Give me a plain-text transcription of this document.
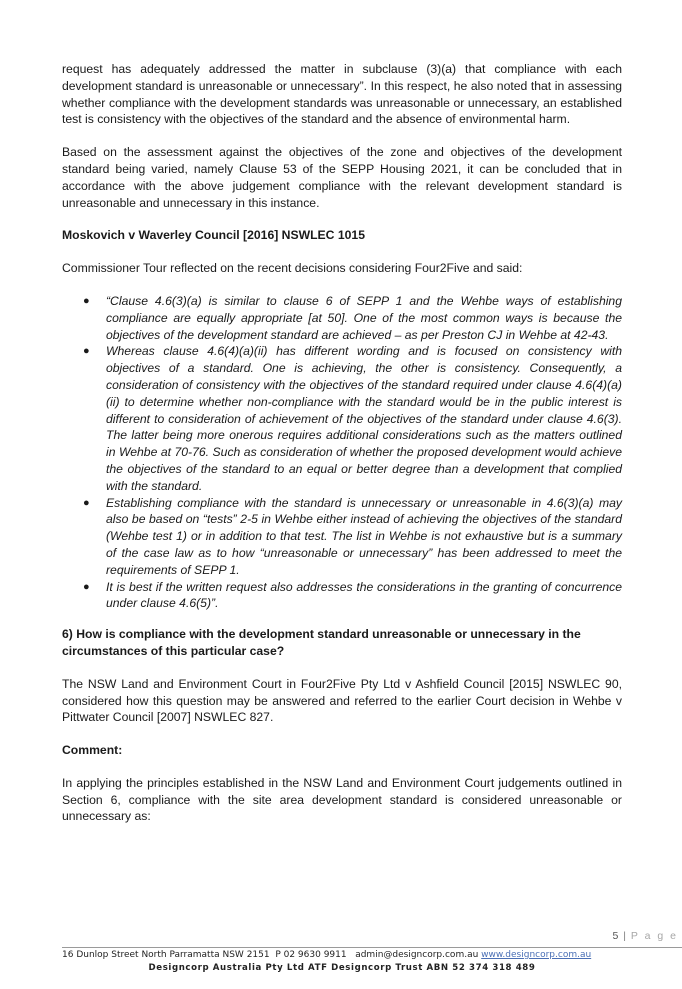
request has adequately addressed the matter in subclause (3)(a) that compliance with each development standard is unreasonable or unnecessary”. In this respect, he also noted that in assessing whether compliance with the development standards was unreasonable or unnecessary, an established test is consistency with the objectives of the standard and the absence of environmental harm.

Based on the assessment against the objectives of the zone and objectives of the development standard being varied, namely Clause 53 of the SEPP Housing 2021, it can be concluded that in accordance with the above judgement compliance with the relevant development standard is unreasonable and unnecessary in this instance.

Moskovich v Waverley Council [2016] NSWLEC 1015

Commissioner Tour reflected on the recent decisions considering Four2Five and said:

● “Clause 4.6(3)(a) is similar to clause 6 of SEPP 1 and the Wehbe ways of establishing compliance are equally appropriate [at 50]. One of the most common ways is because the objectives of the development standard are achieved – as per Preston CJ in Wehbe at 42-43.
● Whereas clause 4.6(4)(a)(ii) has different wording and is focused on consistency with objectives of a standard. One is achieving, the other is consistency. Consequently, a consideration of consistency with the objectives of the standard required under clause 4.6(4)(a)(ii) to determine whether non-compliance with the standard would be in the public interest is different to consideration of achievement of the objectives of the standard under clause 4.6(3). The latter being more onerous requires additional considerations such as the matters outlined in Wehbe at 70-76. Such as consideration of whether the proposed development would achieve the objectives of the standard to an equal or better degree than a development that complied with the standard.
● Establishing compliance with the standard is unnecessary or unreasonable in 4.6(3)(a) may also be based on “tests” 2-5 in Wehbe either instead of achieving the objectives of the standard (Wehbe test 1) or in addition to that test. The list in Wehbe is not exhaustive but is a summary of the case law as to how “unreasonable or unnecessary” has been addressed to meet the requirements of SEPP 1.
● It is best if the written request also addresses the considerations in the granting of concurrence under clause 4.6(5)”.

6) How is compliance with the development standard unreasonable or unnecessary in the circumstances of this particular case?

The NSW Land and Environment Court in Four2Five Pty Ltd v Ashfield Council [2015] NSWLEC 90, considered how this question may be answered and referred to the earlier Court decision in Wehbe v Pittwater Council [2007] NSWLEC 827.

Comment:

In applying the principles established in the NSW Land and Environment Court judgements outlined in Section 6, compliance with the site area development standard is considered unreasonable or unnecessary as:

5 | P a g e
16 Dunlop Street North Parramatta NSW 2151 P 02 9630 9911 admin@designcorp.com.au www.designcorp.com.au
Designcorp Australia Pty Ltd ATF Designcorp Trust ABN 52 374 318 489
